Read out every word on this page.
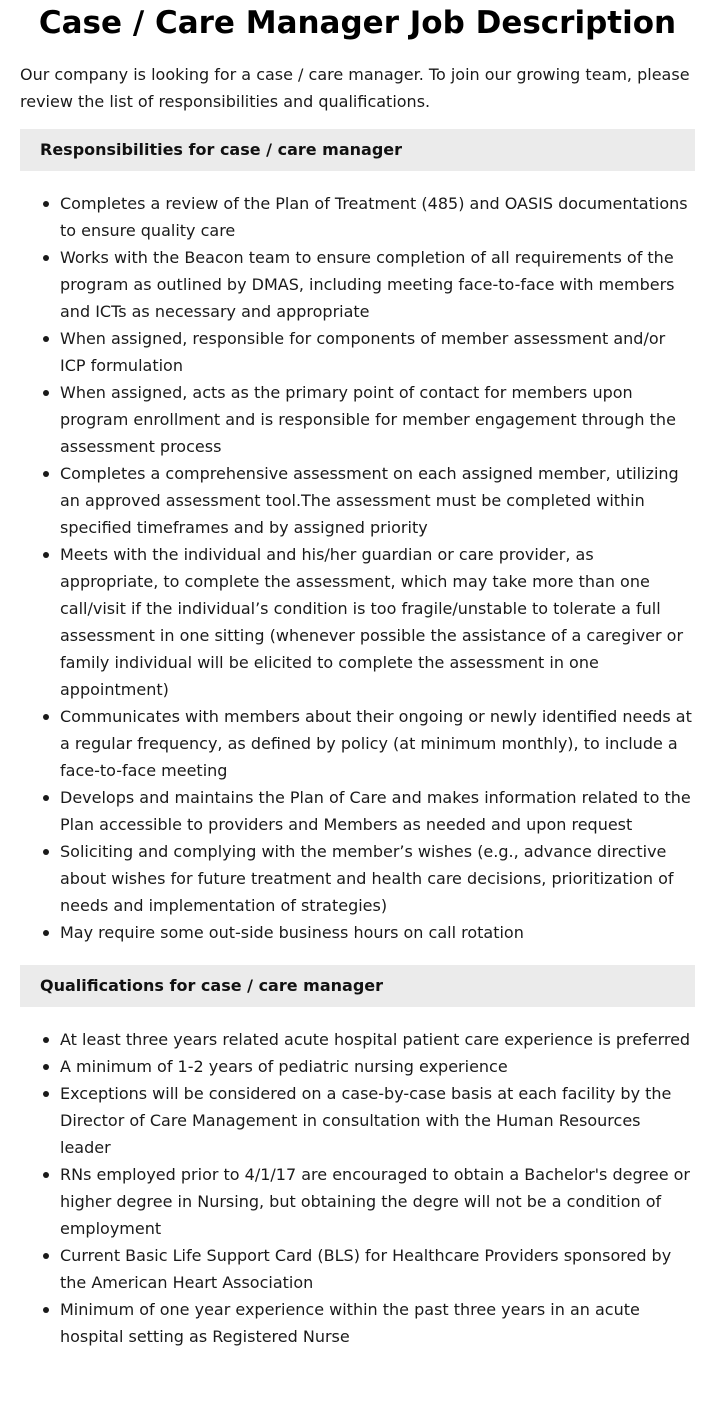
Case / Care Manager Job Description

Our company is looking for a case / care manager. To join our growing team, please review the list of responsibilities and qualifications.

Responsibilities for case / care manager
Completes a review of the Plan of Treatment (485) and OASIS documentations to ensure quality care
Works with the Beacon team to ensure completion of all requirements of the program as outlined by DMAS, including meeting face-to-face with members and ICTs as necessary and appropriate
When assigned, responsible for components of member assessment and/or ICP formulation
When assigned, acts as the primary point of contact for members upon program enrollment and is responsible for member engagement through the assessment process
Completes a comprehensive assessment on each assigned member, utilizing an approved assessment tool.The assessment must be completed within specified timeframes and by assigned priority
Meets with the individual and his/her guardian or care provider, as appropriate, to complete the assessment, which may take more than one call/visit if the individual’s condition is too fragile/unstable to tolerate a full assessment in one sitting (whenever possible the assistance of a caregiver or family individual will be elicited to complete the assessment in one appointment)
Communicates with members about their ongoing or newly identified needs at a regular frequency, as defined by policy (at minimum monthly), to include a face-to-face meeting
Develops and maintains the Plan of Care and makes information related to the Plan accessible to providers and Members as needed and upon request
Soliciting and complying with the member’s wishes (e.g., advance directive about wishes for future treatment and health care decisions, prioritization of needs and implementation of strategies)
May require some out-side business hours on call rotation
Qualifications for case / care manager
At least three years related acute hospital patient care experience is preferred
A minimum of 1-2 years of pediatric nursing experience
Exceptions will be considered on a case-by-case basis at each facility by the Director of Care Management in consultation with the Human Resources leader
RNs employed prior to 4/1/17 are encouraged to obtain a Bachelor's degree or higher degree in Nursing, but obtaining the degre will not be a condition of employment
Current Basic Life Support Card (BLS) for Healthcare Providers sponsored by the American Heart Association
Minimum of one year experience within the past three years in an acute hospital setting as Registered Nurse
